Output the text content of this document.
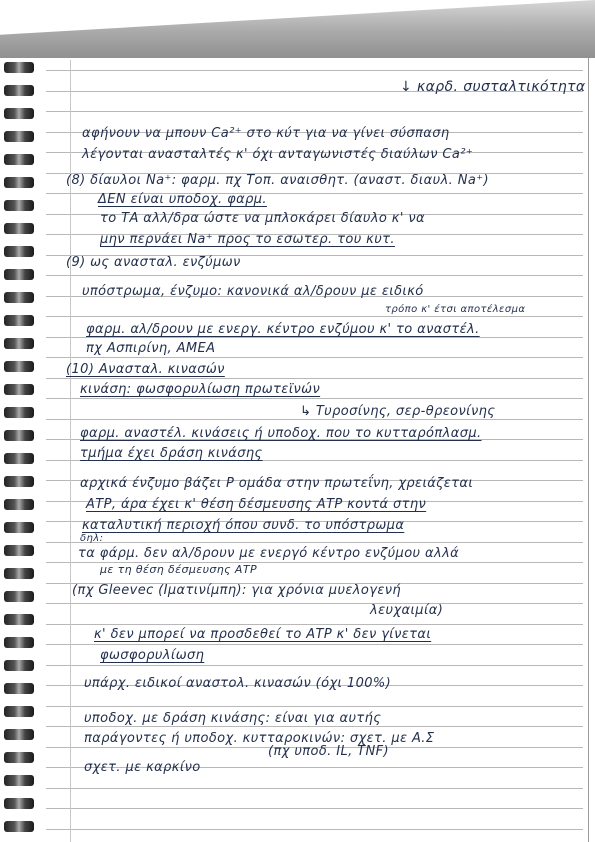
↓ καρδ. συσταλτικότητα
αφήνουν να μπουν Ca²⁺ στο κύτ για να γίνει σύσπαση
λέγονται ανασταλτές κ' όχι ανταγωνιστές διαύλων Ca²⁺
(8) δίαυλοι Na⁺: φαρμ. πχ Τοπ. αναισθητ. (αναστ. διαυλ. Na⁺)
ΔΕΝ είναι υποδοχ. φαρμ.
το ΤΑ αλλ/δρα ώστε να μπλοκάρει δίαυλο κ' να
μην περνάει Na⁺ προς το εσωτερ. του κυτ.
(9) ως ανασταλ. ενζύμων
υπόστρωμα, ένζυμο: κανονικά αλ/δρουν με ειδικό
τρόπο κ' έτσι αποτέλεσμα
φαρμ. αλ/δρουν με ενεργ. κέντρο ενζύμου κ' το αναστέλ.
πχ Ασπιρίνη, ΑΜΕΑ
(10) Ανασταλ. κινασών
κινάση: φωσφορυλίωση πρωτεϊνών
↳ Τυροσίνης, σερ-θρεονίνης
φαρμ. αναστέλ. κινάσεις ή υποδοχ. που το κυτταρόπλασμ.
τμήμα έχει δράση κινάσης
αρχικά ένζυμο βάζει P ομάδα στην πρωτεΐνη, χρειάζεται
ΑΤΡ, άρα έχει κ' θέση δέσμευσης ΑΤΡ κοντά στην
καταλυτική περιοχή όπου συνδ. το υπόστρωμα
δηλ:
τα φάρμ. δεν αλ/δρουν με ενεργό κέντρο ενζύμου αλλά
με τη θέση δέσμευσης ΑΤΡ
(πχ Gleevec (Ιματινίμπη): για χρόνια μυελογενή
λευχαιμία)
κ' δεν μπορεί να προσδεθεί το ΑΤΡ κ' δεν γίνεται
φωσφορυλίωση
υπάρχ. ειδικοί αναστολ. κινασών (όχι 100%)
υποδοχ. με δράση κινάσης: είναι για αυτής
παράγοντες ή υποδοχ. κυτταροκινών: σχετ. με Α.Σ
(πχ υποδ. IL, TNF)
σχετ. με καρκίνο
